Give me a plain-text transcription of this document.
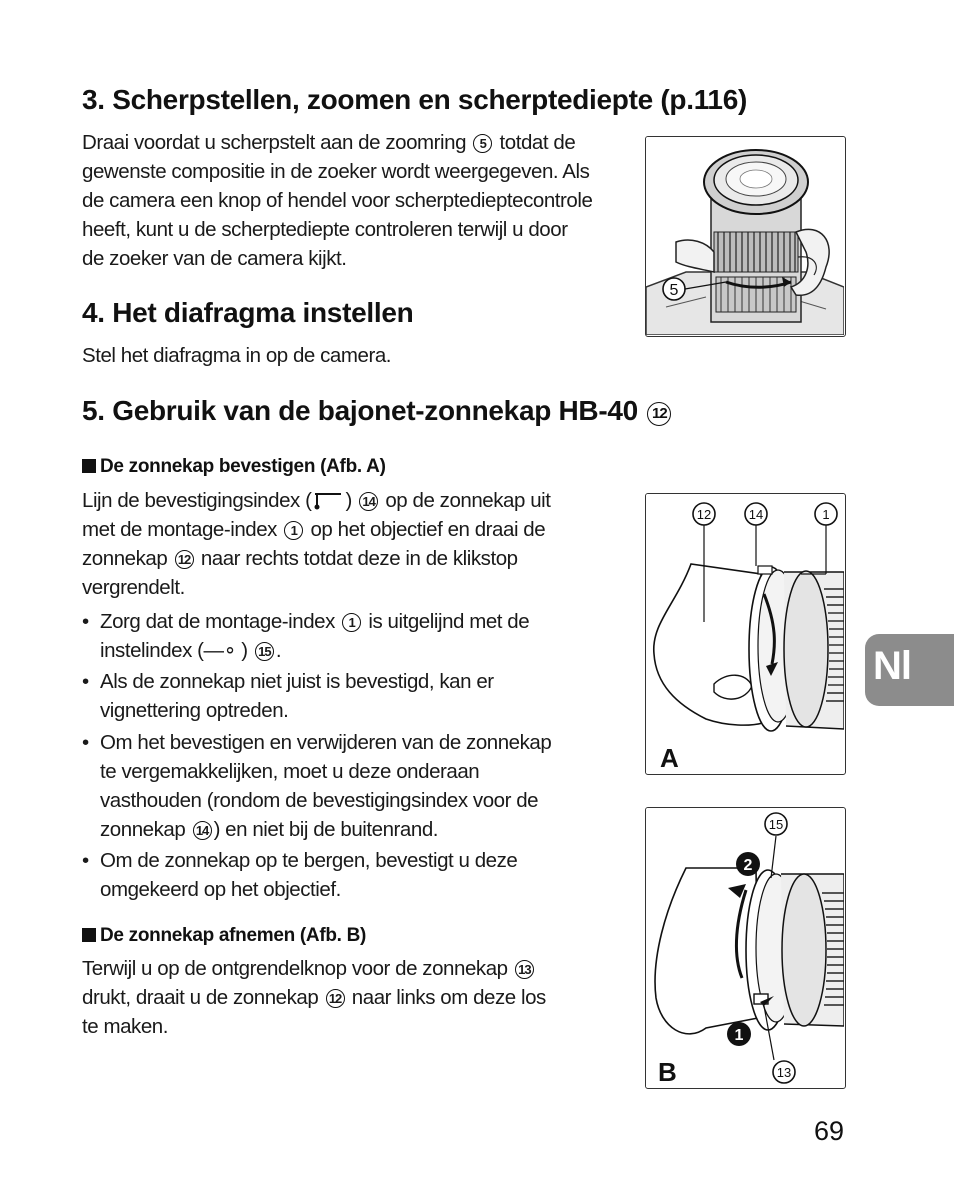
3. Scherpstellen, zoomen en scherptediepte (p.116)
Draai voordat u scherpstelt aan de zoomring 5 totdat de
gewenste compositie in de zoeker wordt weergegeven. Als
de camera een knop of hendel voor scherptedieptecontrole
heeft, kunt u de scherptediepte controleren terwijl u door
de zoeker van de camera kijkt.
5
4. Het diafragma instellen
Stel het diafragma in op de camera.
5. Gebruik van de bajonet-zonnekap HB-40 12
De zonnekap bevestigen (Afb. A)
Lijn de bevestigingsindex ( ) 14 op de zonnekap uit
met de montage-index 1 op het objectief en draai de
zonnekap 12 naar rechts totdat deze in de klikstop
vergrendelt.
• Zorg dat de montage-index 1 is uitgelijnd met de
instelindex (—∘ ) 15 .
• Als de zonnekap niet juist is bevestigd, kan er
vignettering optreden.
• Om het bevestigen en verwijderen van de zonnekap
te vergemakkelijken, moet u deze onderaan
vasthouden (rondom de bevestigingsindex voor de
zonnekap 14 ) en niet bij de buitenrand.
• Om de zonnekap op te bergen, bevestigt u deze
omgekeerd op het objectief.
De zonnekap afnemen (Afb. B)
Terwijl u op de ontgrendelknop voor de zonnekap 13
drukt, draait u de zonnekap 12 naar links om deze los
te maken.
12	14	1
A
15
2
1
13
B
Nl
69
